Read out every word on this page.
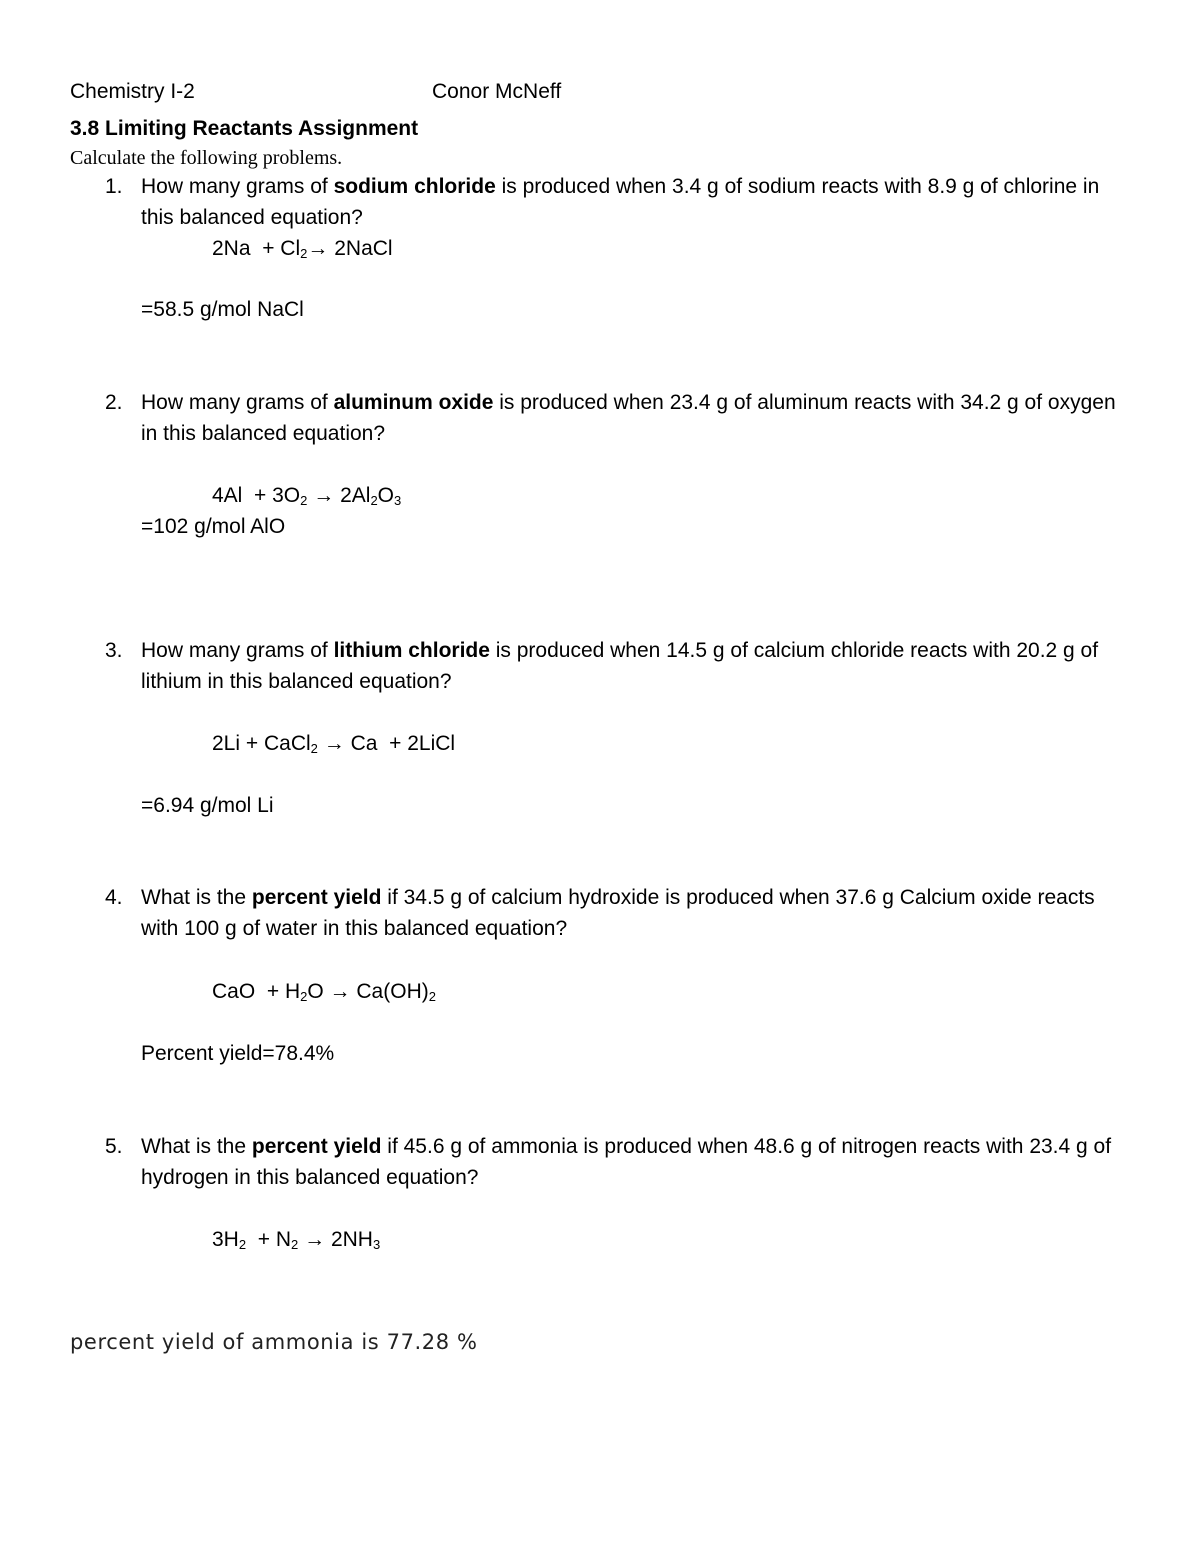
Chemistry I-2	Conor McNeff
3.8 Limiting Reactants Assignment
Calculate the following problems.
1. How many grams of sodium chloride is produced when 3.4 g of sodium reacts with 8.9 g of chlorine in this balanced equation?
$2Na + Cl_2\to$ 2NaCl
=58.5 g/mol NaCl
2. How many grams of aluminum oxide is produced when 23.4 g of aluminum reacts with 34.2 g of oxygen in this balanced equation?
$4Al + 3O_2 \to 2Al_2O_3$
=102 g/mol AlO
3. How many grams of lithium chloride is produced when 14.5 g of calcium chloride reacts with 20.2 g of lithium in this balanced equation?
2Li + CaCl$_2$ → Ca + 2LiCl
=6.94 g/mol Li
4. What is the percent yield if 34.5 g of calcium hydroxide is produced when 37.6 g Calcium oxide reacts with 100 g of water in this balanced equation?
CaO + $H_2O \to Ca(OH)_2$
Percent yield=78.4%
5. What is the percent yield if 45.6 g of ammonia is produced when 48.6 g of nitrogen reacts with 23.4 g of hydrogen in this balanced equation?
$3H_2 + N_2 \to 2NH_3$
percent yield of ammonia is 77.28 %
